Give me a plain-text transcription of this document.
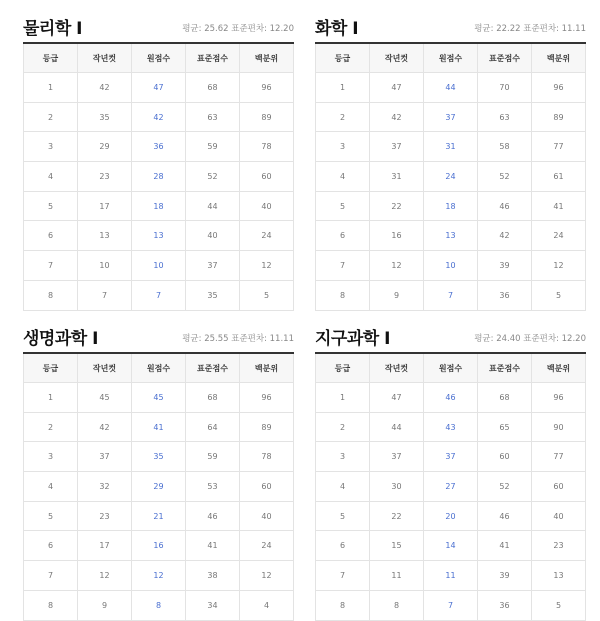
물리학 Ⅰ	평균: 25.62 표준편차: 12.20
등급	작년컷	원점수	표준점수	백분위
1	42	47	68	96
2	35	42	63	89
3	29	36	59	78
4	23	28	52	60
5	17	18	44	40
6	13	13	40	24
7	10	10	37	12
8	7	7	35	5
화학 Ⅰ	평균: 22.22 표준편차: 11.11
등급	작년컷	원점수	표준점수	백분위
1	47	44	70	96
2	42	37	63	89
3	37	31	58	77
4	31	24	52	61
5	22	18	46	41
6	16	13	42	24
7	12	10	39	12
8	9	7	36	5
생명과학 Ⅰ	평균: 25.55 표준편차: 11.11
등급	작년컷	원점수	표준점수	백분위
1	45	45	68	96
2	42	41	64	89
3	37	35	59	78
4	32	29	53	60
5	23	21	46	40
6	17	16	41	24
7	12	12	38	12
8	9	8	34	4
지구과학 Ⅰ	평균: 24.40 표준편차: 12.20
등급	작년컷	원점수	표준점수	백분위
1	47	46	68	96
2	44	43	65	90
3	37	37	60	77
4	30	27	52	60
5	22	20	46	40
6	15	14	41	23
7	11	11	39	13
8	8	7	36	5
